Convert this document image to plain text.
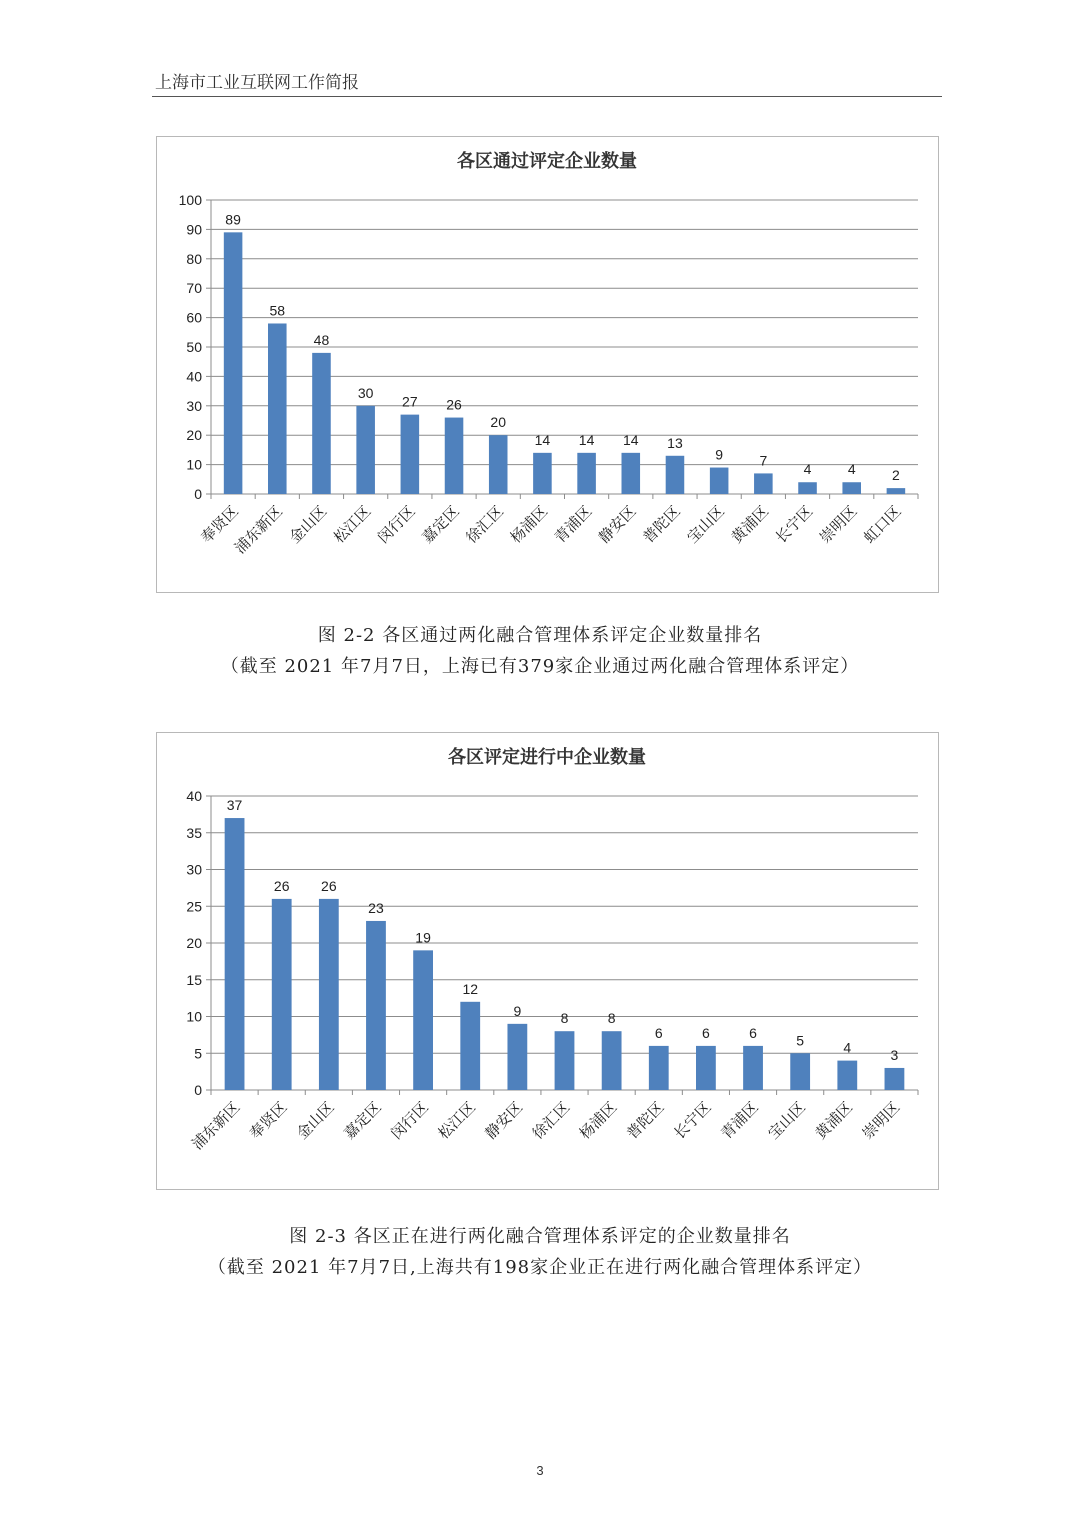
上海市工业互联网工作简报
各区通过评定企业数量
0
10
20
30
40
50
60
70
80
90
100
89
奉贤区
58
浦东新区
48
金山区
30
松江区
27
闵行区
26
嘉定区
20
徐汇区
14
杨浦区
14
青浦区
14
静安区
13
普陀区
9
宝山区
7
黄浦区
4
长宁区
4
崇明区
2
虹口区
图 2-2 各区通过两化融合管理体系评定企业数量排名
（截至 2021 年7月7日，上海已有379家企业通过两化融合管理体系评定）
各区评定进行中企业数量
0
5
10
15
20
25
30
35
40
37
浦东新区
26
奉贤区
26
金山区
23
嘉定区
19
闵行区
12
松江区
9
静安区
8
徐汇区
8
杨浦区
6
普陀区
6
长宁区
6
青浦区
5
宝山区
4
黄浦区
3
崇明区
图 2-3 各区正在进行两化融合管理体系评定的企业数量排名
（截至 2021 年7月7日,上海共有198家企业正在进行两化融合管理体系评定）
3
